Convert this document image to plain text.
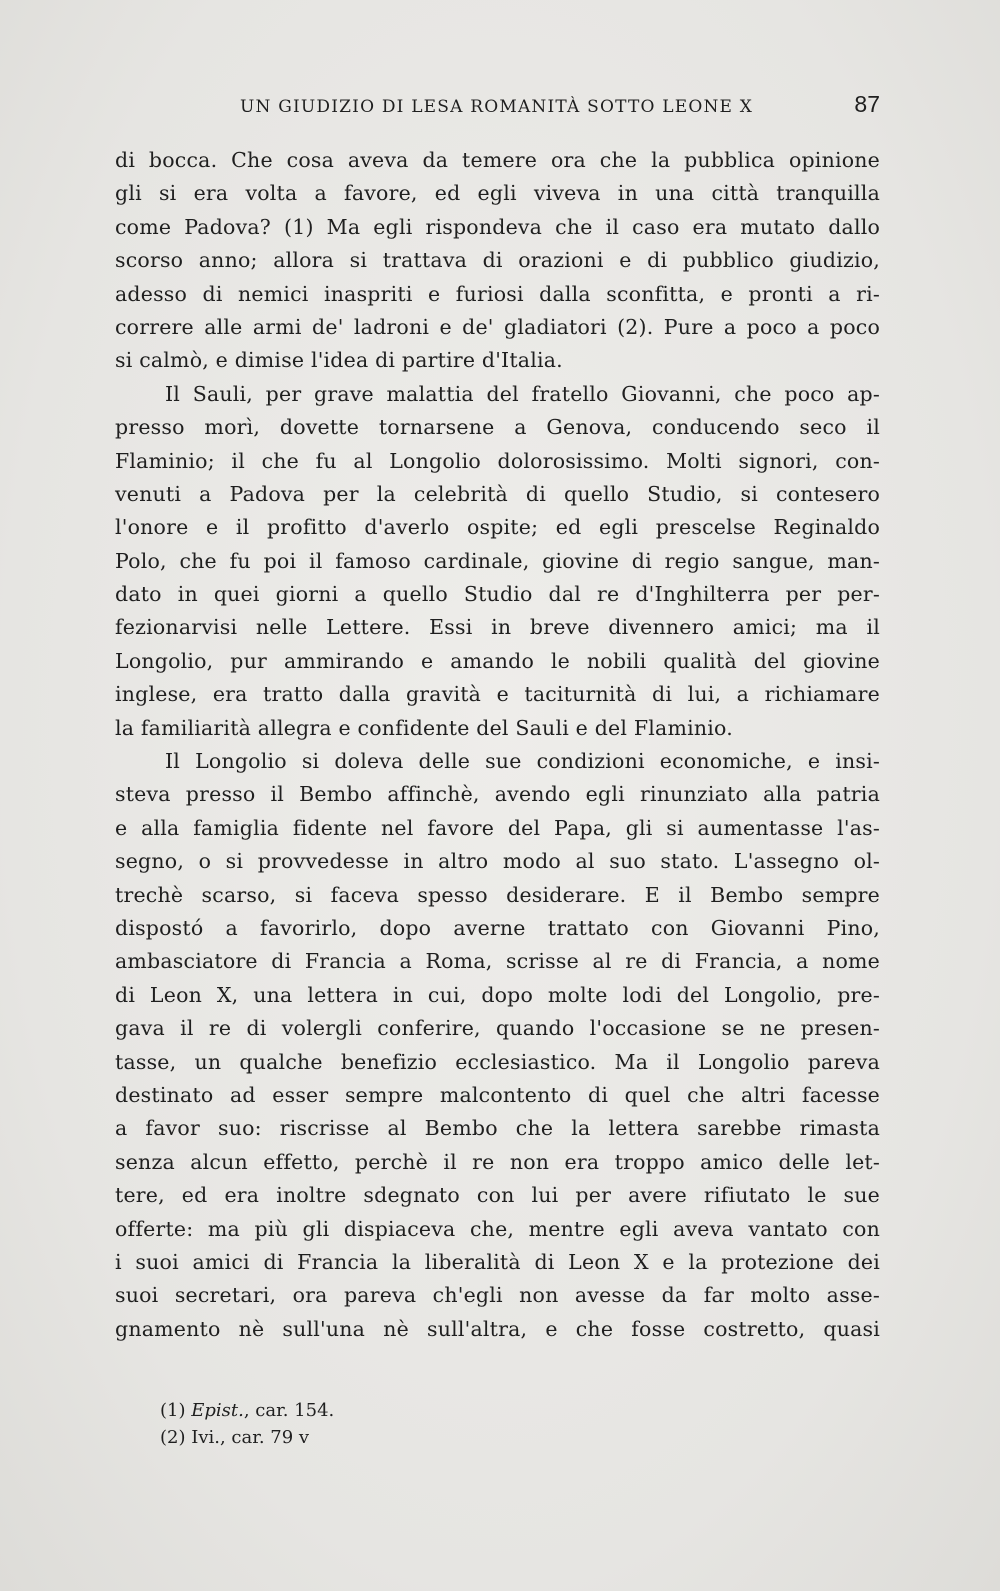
UN GIUDIZIO DI LESA ROMANITÀ SOTTO LEONE X	87
di bocca. Che cosa aveva da temere ora che la pubblica opinione
gli si era volta a favore, ed egli viveva in una città tranquilla
come Padova? (1) Ma egli rispondeva che il caso era mutato dallo
scorso anno; allora si trattava di orazioni e di pubblico giudizio,
adesso di nemici inaspriti e furiosi dalla sconfitta, e pronti a ri-
correre alle armi de' ladroni e de' gladiatori (2). Pure a poco a poco
si calmò, e dimise l'idea di partire d'Italia.
Il Sauli, per grave malattia del fratello Giovanni, che poco ap-
presso morì, dovette tornarsene a Genova, conducendo seco il
Flaminio; il che fu al Longolio dolorosissimo. Molti signori, con-
venuti a Padova per la celebrità di quello Studio, si contesero
l'onore e il profitto d'averlo ospite; ed egli prescelse Reginaldo
Polo, che fu poi il famoso cardinale, giovine di regio sangue, man-
dato in quei giorni a quello Studio dal re d'Inghilterra per per-
fezionarvisi nelle Lettere. Essi in breve divennero amici; ma il
Longolio, pur ammirando e amando le nobili qualità del giovine
inglese, era tratto dalla gravità e taciturnità di lui, a richiamare
la familiarità allegra e confidente del Sauli e del Flaminio.
Il Longolio si doleva delle sue condizioni economiche, e insi-
steva presso il Bembo affinchè, avendo egli rinunziato alla patria
e alla famiglia fidente nel favore del Papa, gli si aumentasse l'as-
segno, o si provvedesse in altro modo al suo stato. L'assegno ol-
trechè scarso, si faceva spesso desiderare. E il Bembo sempre
dispostó a favorirlo, dopo averne trattato con Giovanni Pino,
ambasciatore di Francia a Roma, scrisse al re di Francia, a nome
di Leon X, una lettera in cui, dopo molte lodi del Longolio, pre-
gava il re di volergli conferire, quando l'occasione se ne presen-
tasse, un qualche benefizio ecclesiastico. Ma il Longolio pareva
destinato ad esser sempre malcontento di quel che altri facesse
a favor suo: riscrisse al Bembo che la lettera sarebbe rimasta
senza alcun effetto, perchè il re non era troppo amico delle let-
tere, ed era inoltre sdegnato con lui per avere rifiutato le sue
offerte: ma più gli dispiaceva che, mentre egli aveva vantato con
i suoi amici di Francia la liberalità di Leon X e la protezione dei
suoi secretari, ora pareva ch'egli non avesse da far molto asse-
gnamento nè sull'una nè sull'altra, e che fosse costretto, quasi
(1) Epist., car. 154.
(2) Ivi., car. 79 v
